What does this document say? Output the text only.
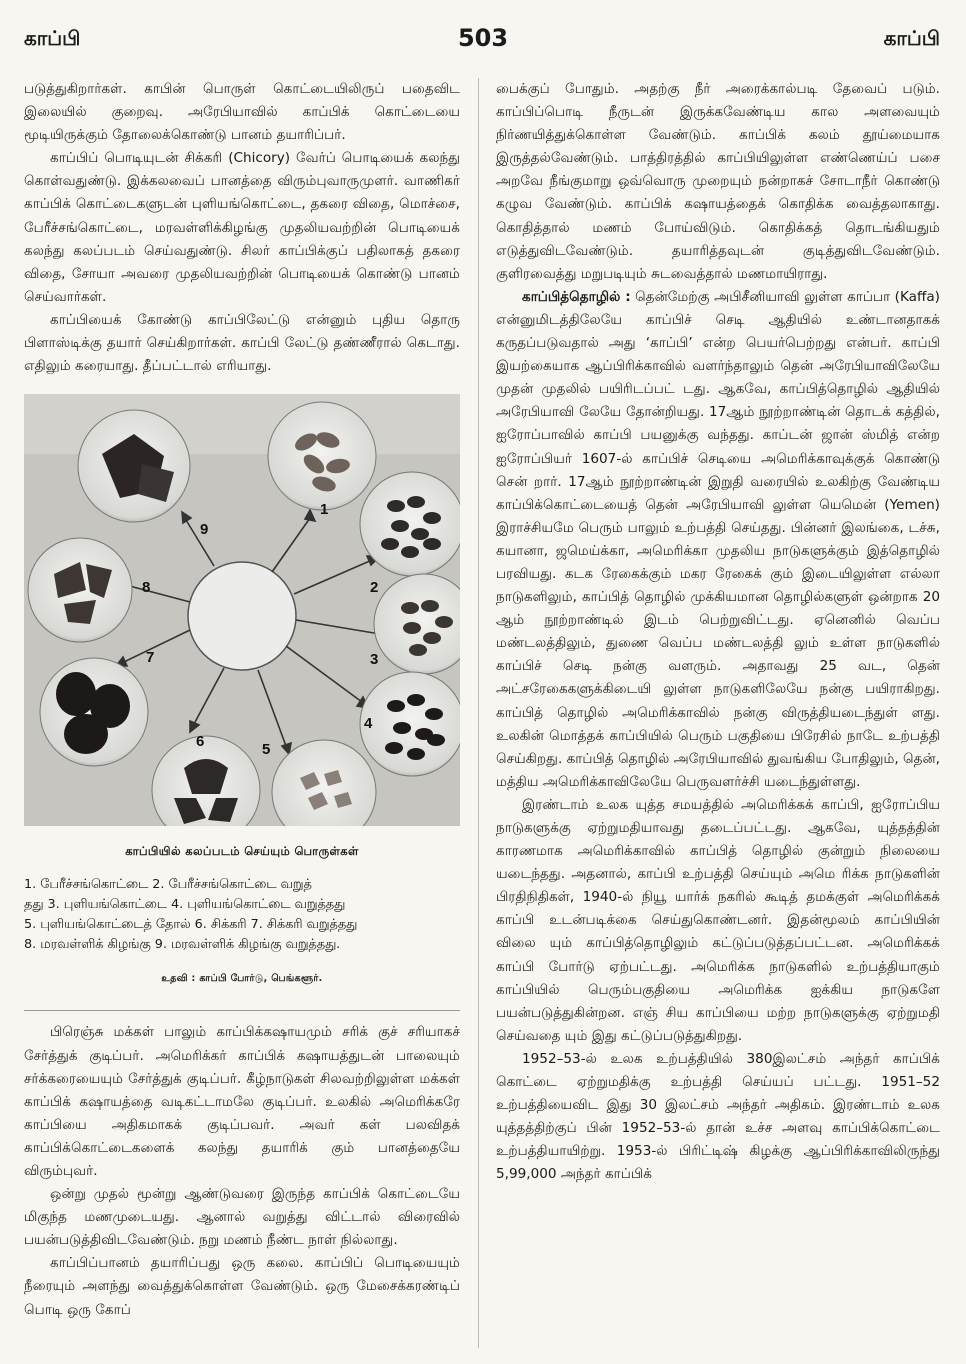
காப்பி	503	காப்பி

படுத்துகிறார்கள். காபின் பொருள் கொட்டையிலிருப் பதைவிட இலையில் குறைவு. அரேபியாவில் காப்பிக் கொட்டையை மூடியிருக்கும் தோலைக்கொண்டு பானம் தயாரிப்பர்.

காப்பிப் பொடியுடன் சிக்கரி (Chicory) வேர்ப் பொடியைக் கலந்து கொள்வதுண்டு. இக்கலவைப் பானத்தை விரும்புவாருமுளர். வாணிகர் காப்பிக் கொட்டைகளுடன் புளியங்கொட்டை, தகரை விதை, மொச்சை, பேரீச்சங்கொட்டை, மரவள்ளிக்கிழங்கு முதலியவற்றின் பொடியைக் கலந்து கலப்படம் செய்வதுண்டு. சிலர் காப்பிக்குப் பதிலாகத் தகரை விதை, சோயா அவரை முதலியவற்றின் பொடியைக் கொண்டு பானம் செய்வார்கள்.

காப்பியைக் கோண்டு காப்பிலேட்டு என்னும் புதிய தொரு பிளாஸ்டிக்கு தயார் செய்கிறார்கள். காப்பி லேட்டு தண்ணீரால் கெடாது. எதிலும் கரையாது. தீப்பட்டால் எரியாது.

1
2
3
4
5
6
7
8
9
காப்பியில் கலப்படம் செய்யும் பொருள்கள்
1. பேரீச்சங்கொட்டை 2. பேரீச்சங்கொட்டை வறுத்
தது 3. புளியங்கொட்டை 4. புளியங்கொட்டை வறுத்தது
5. புளியங்கொட்டைத் தோல் 6. சிக்கரி 7. சிக்கரி வறுத்தது
8. மரவள்ளிக் கிழங்கு 9. மரவள்ளிக் கிழங்கு வறுத்தது.
உதவி : காப்பி போர்டு, பெங்களூர்.

பிரெஞ்சு மக்கள் பாலும் காப்பிக்கஷாயமும் சரிக் குச் சரியாகச் சேர்த்துக் குடிப்பர். அமெரிக்கர் காப்பிக் கஷாயத்துடன் பாலையும் சர்க்கரையையும் சேர்த்துக் குடிப்பர். கீழ்நாடுகள் சிலவற்றிலுள்ள மக்கள் காப்பிக் கஷாயத்தை வடிகட்டாமலே குடிப்பர். உலகில் அமெரிக்கரே காப்பியை அதிகமாகக் குடிப்பவர். அவர் கள் பலவிதக் காப்பிக்கொட்டைகளைக் கலந்து தயாரிக் கும் பானத்தையே விரும்புவர்.

ஒன்று முதல் மூன்று ஆண்டுவரை இருந்த காப்பிக் கொட்டையே மிகுந்த மணமுடையது. ஆனால் வறுத்து விட்டால் விரைவில் பயன்படுத்திவிடவேண்டும். நறு மணம் நீண்ட நாள் நில்லாது.

காப்பிப்பானம் தயாரிப்பது ஒரு கலை. காப்பிப் பொடியையும் நீரையும் அளந்து வைத்துக்கொள்ள வேண்டும். ஒரு மேசைக்கரண்டிப் பொடி ஒரு கோப்

பைக்குப் போதும். அதற்கு நீர் அரைக்கால்படி தேவைப் படும். காப்பிப்பொடி நீருடன் இருக்கவேண்டிய கால அளவையும் நிர்ணயித்துக்கொள்ள வேண்டும். காப்பிக் கலம் தூய்மையாக இருத்தல்வேண்டும். பாத்திரத்தில் காப்பியிலுள்ள எண்ணெய்ப் பசை அறவே நீங்குமாறு ஒவ்வொரு முறையும் நன்றாகச் சோடாநீர் கொண்டு கழுவ வேண்டும். காப்பிக் கஷாயத்தைக் கொதிக்க வைத்தலாகாது. கொதித்தால் மணம் போய்விடும். கொதிக்கத் தொடங்கியதும் எடுத்துவிடவேண்டும். தயாரித்தவுடன் குடித்துவிடவேண்டும். குளிரவைத்து மறுபடியும் சுடவைத்தால் மணமாயிராது.

காப்பித்தொழில் : தென்மேற்கு அபிசீனியாவி லுள்ள காப்பா (Kaffa) என்னுமிடத்திலேயே காப்பிச் செடி ஆதியில் உண்டானதாகக் கருதப்படுவதால் அது ‘காப்பி’ என்ற பெயர்பெற்றது என்பர். காப்பி இயற்கையாக ஆப்பிரிக்காவில் வளர்ந்தாலும் தென் அரேபியாவிலேயே முதன் முதலில் பயிரிடப்பட் டது. ஆகவே, காப்பித்தொழில் ஆதியில் அரேபியாவி லேயே தோன்றியது. 17ஆம் நூற்றாண்டின் தொடக் கத்தில், ஐரோப்பாவில் காப்பி பயனுக்கு வந்தது. காப்டன் ஜான் ஸ்மித் என்ற ஐரோப்பியர் 1607-ல் காப்பிச் செடியை அமெரிக்காவுக்குக் கொண்டு சென் றார். 17ஆம் நூற்றாண்டின் இறுதி வரையில் உலகிற்கு வேண்டிய காப்பிக்கொட்டையைத் தென் அரேபியாவி லுள்ள யெமென் (Yemen) இராச்சியமே பெரும் பாலும் உற்பத்தி செய்தது. பின்னர் இலங்கை, டச்சு, கயானா, ஜமெய்க்கா, அமெரிக்கா முதலிய நாடுகளுக்கும் இத்தொழில் பரவியது. கடக ரேகைக்கும் மகர ரேகைக் கும் இடையிலுள்ள எல்லா நாடுகளிலும், காப்பித் தொழில் முக்கியமான தொழில்களுள் ஒன்றாக 20 ஆம் நூற்றாண்டில் இடம் பெற்றுவிட்டது. ஏனெனில் வெப்ப மண்டலத்திலும், துணை வெப்ப மண்டலத்தி லும் உள்ள நாடுகளில் காப்பிச் செடி நன்கு வளரும். அதாவது 25 வட, தென் அட்சரேகைகளுக்கிடையி லுள்ள நாடுகளிலேயே நன்கு பயிராகிறது. காப்பித் தொழில் அமெரிக்காவில் நன்கு விருத்தியடைந்துள் ளது. உலகின் மொத்தக் காப்பியில் பெரும் பகுதியை பிரேசில் நாடே உற்பத்தி செய்கிறது. காப்பித் தொழில் அரேபியாவில் துவங்கிய போதிலும், தென், மத்திய அமெரிக்காவிலேயே பெருவளர்ச்சி யடைந்துள்ளது.

இரண்டாம் உலக யுத்த சமயத்தில் அமெரிக்கக் காப்பி, ஐரோப்பிய நாடுகளுக்கு ஏற்றுமதியாவது தடைப்பட்டது. ஆகவே, யுத்தத்தின் காரணமாக அமெரிக்காவில் காப்பித் தொழில் குன்றும் நிலையை யடைந்தது. அதனால், காப்பி உற்பத்தி செய்யும் அமெ ரிக்க நாடுகளின் பிரதிநிதிகள், 1940-ல் நியூ யார்க் நகரில் கூடித் தமக்குள் அமெரிக்கக் காப்பி உடன்படிக்கை செய்துகொண்டனர். இதன்மூலம் காப்பியின் விலை யும் காப்பித்தொழிலும் கட்டுப்படுத்தப்பட்டன. அமெரிக்கக் காப்பி போர்டு ஏற்பட்டது. அமெரிக்க நாடுகளில் உற்பத்தியாகும் காப்பியில் பெரும்பகுதியை அமெரிக்க ஐக்கிய நாடுகளே பயன்படுத்துகின்றன. எஞ் சிய காப்பியை மற்ற நாடுகளுக்கு ஏற்றுமதி செய்வதை யும் இது கட்டுப்படுத்துகிறது.

1952–53-ல் உலக உற்பத்தியில் 380இலட்சம் அந்தர் காப்பிக் கொட்டை ஏற்றுமதிக்கு உற்பத்தி செய்யப் பட்டது. 1951–52 உற்பத்தியைவிட இது 30 இலட்சம் அந்தர் அதிகம். இரண்டாம் உலக யுத்தத்திற்குப் பின் 1952–53-ல் தான் உச்ச அளவு காப்பிக்கொட்டை உற்பத்தியாயிற்று. 1953-ல் பிரிட்டிஷ் கிழக்கு ஆப்பிரிக்காவிலிருந்து 5,99,000 அந்தர் காப்பிக்
